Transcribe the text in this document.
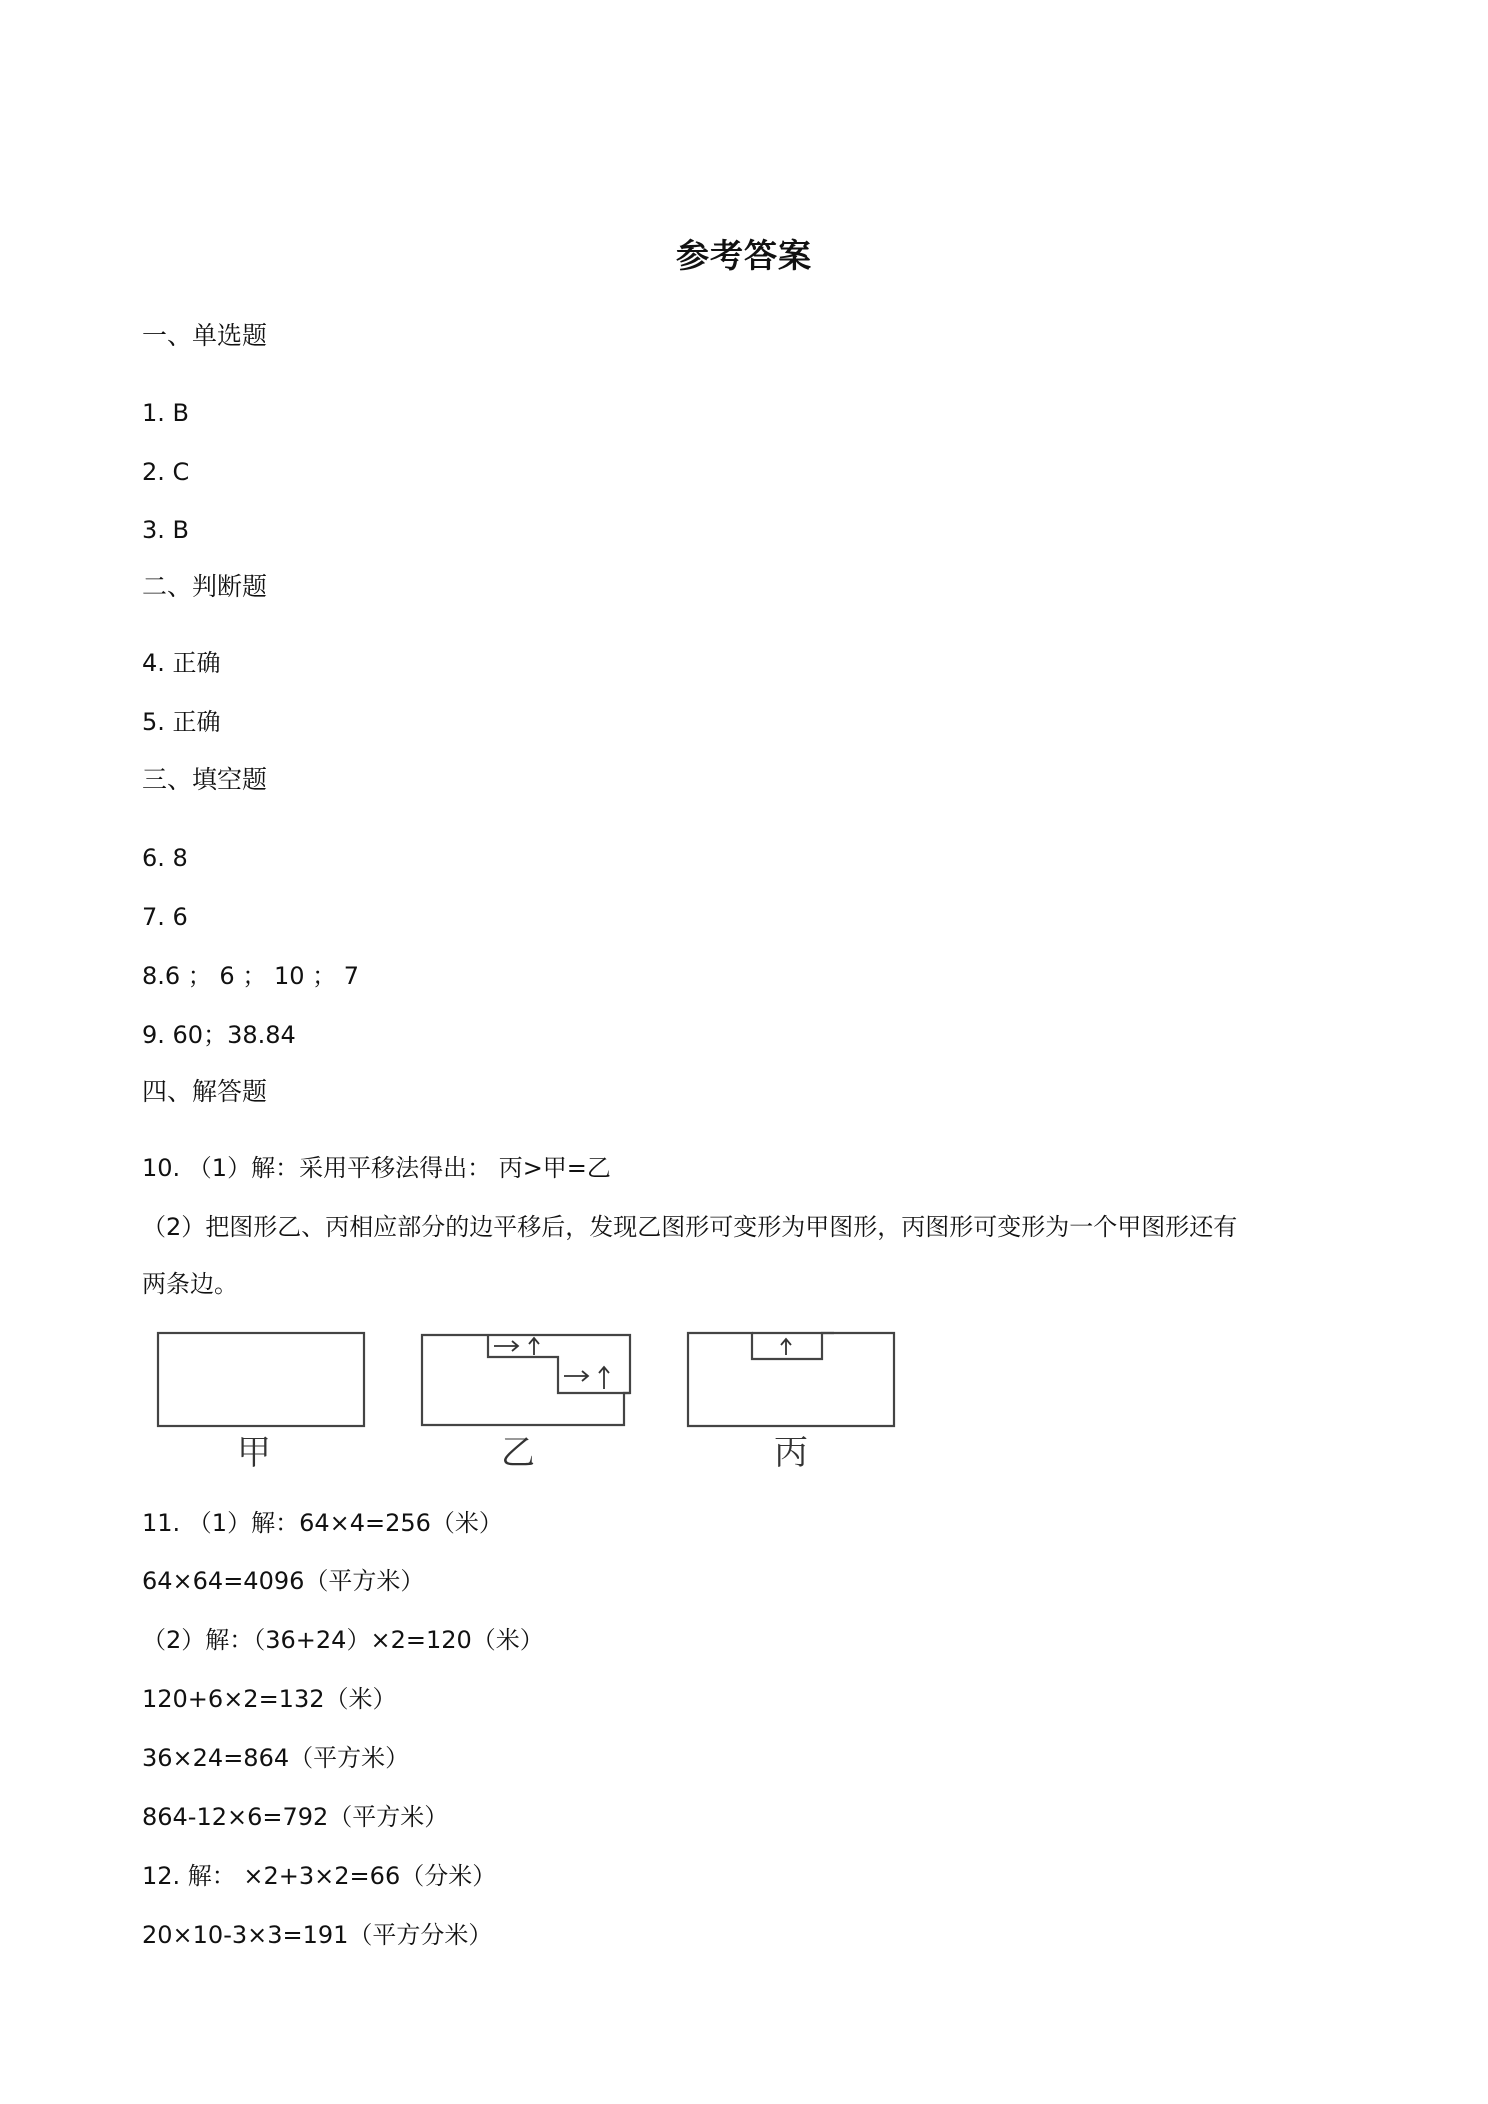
参考答案
一、单选题
1. B
2. C
3. B
二、判断题
4. 正确
5. 正确
三、填空题
6. 8
7. 6
8.6 ； 6 ； 10 ； 7
9. 60；38.84
四、解答题
10. （1）解：采用平移法得出： 丙>甲=乙
（2）把图形乙、丙相应部分的边平移后，发现乙图形可变形为甲图形，丙图形可变形为一个甲图形还有
两条边。
甲	乙	丙
11. （1）解：64×4=256（米）
64×64=4096（平方米）
（2）解：（36+24）×2=120（米）
120+6×2=132（米）
36×24=864（平方米）
864-12×6=792（平方米）
12. 解： ×2+3×2=66（分米）
20×10-3×3=191（平方分米）
